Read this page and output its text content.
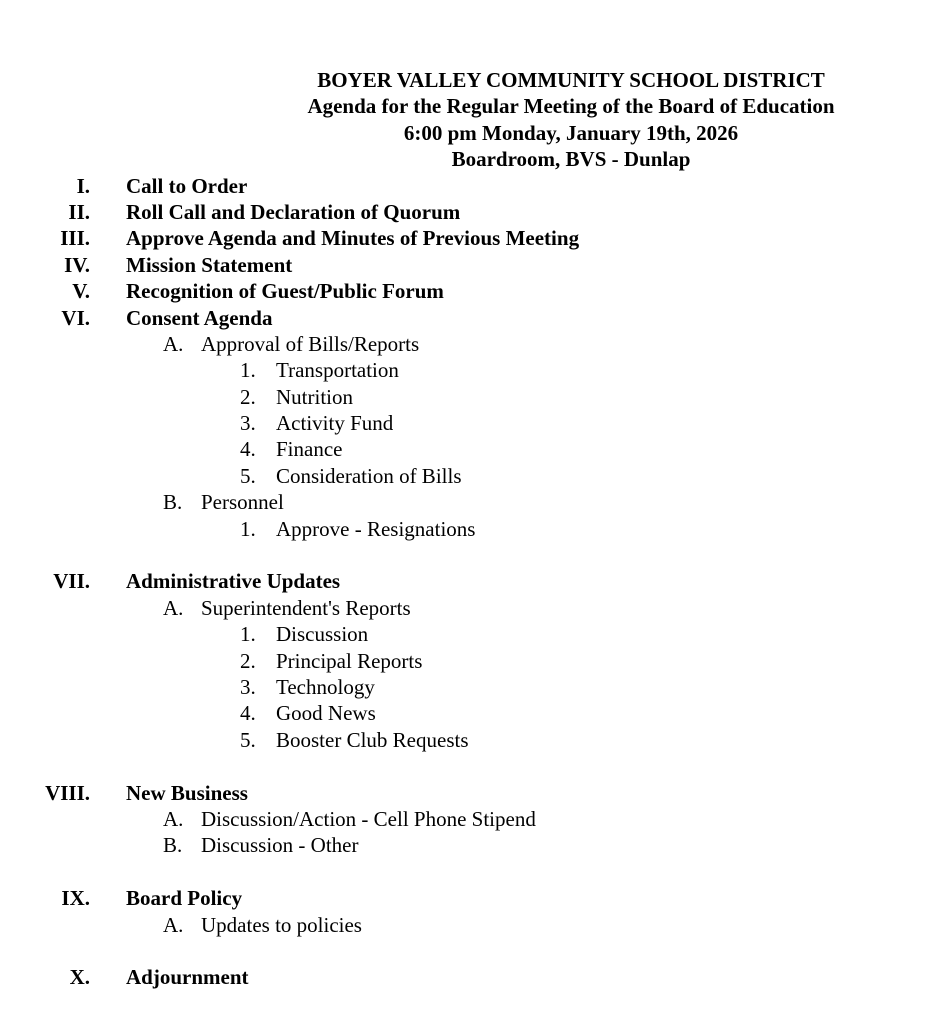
BOYER VALLEY COMMUNITY SCHOOL DISTRICT
Agenda for the Regular Meeting of the Board of Education
6:00 pm Monday, January 19th, 2026
Boardroom, BVS - Dunlap
I. Call to Order
II. Roll Call and Declaration of Quorum
III. Approve Agenda and Minutes of Previous Meeting
IV. Mission Statement
V. Recognition of Guest/Public Forum
VI. Consent Agenda
A. Approval of Bills/Reports
1. Transportation
2. Nutrition
3. Activity Fund
4. Finance
5. Consideration of Bills
B. Personnel
1. Approve - Resignations
VII. Administrative Updates
A. Superintendent's Reports
1. Discussion
2. Principal Reports
3. Technology
4. Good News
5. Booster Club Requests
VIII. New Business
A. Discussion/Action - Cell Phone Stipend
B. Discussion - Other
IX. Board Policy
A. Updates to policies
X. Adjournment
